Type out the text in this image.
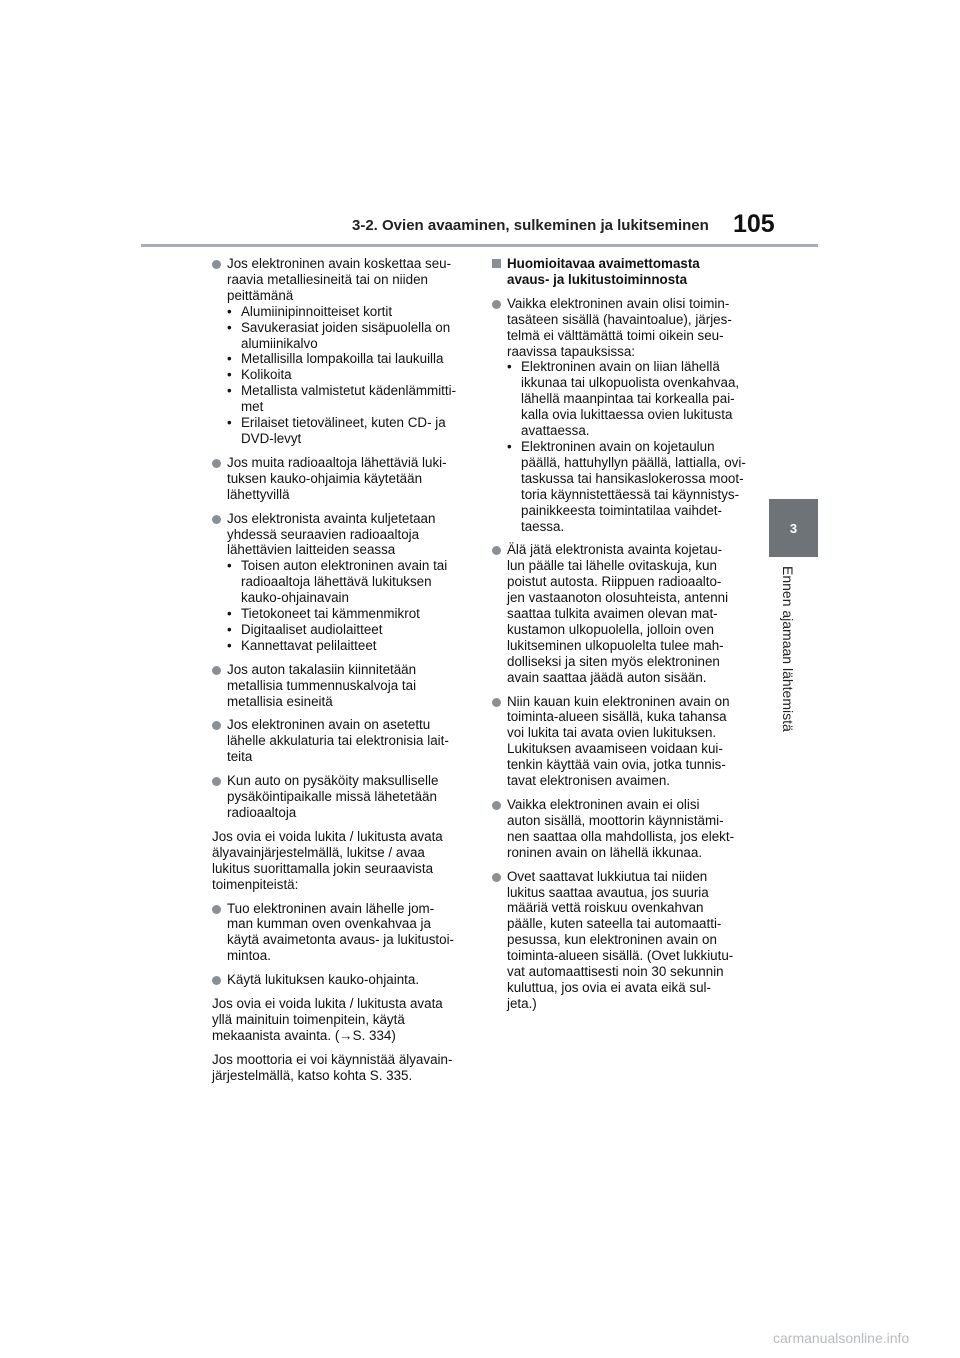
3-2. Ovien avaaminen, sulkeminen ja lukitseminen 105
3
Ennen ajamaan lähtemistä
Jos elektroninen avain koskettaa seu-
raavia metalliesineitä tai on niiden
peittämänä
• Alumiinipinnoitteiset kortit
• Savukerasiat joiden sisäpuolella on
alumiinikalvo
• Metallisilla lompakoilla tai laukuilla
• Kolikoita
• Metallista valmistetut kädenlämmitti-
met
• Erilaiset tietovälineet, kuten CD- ja
DVD-levyt
Jos muita radioaaltoja lähettäviä luki-
tuksen kauko-ohjaimia käytetään
lähettyvillä
Jos elektronista avainta kuljetetaan
yhdessä seuraavien radioaaltoja
lähettävien laitteiden seassa
• Toisen auton elektroninen avain tai
radioaaltoja lähettävä lukituksen
kauko-ohjainavain
• Tietokoneet tai kämmenmikrot
• Digitaaliset audiolaitteet
• Kannettavat pelilaitteet
Jos auton takalasiin kiinnitetään
metallisia tummennuskalvoja tai
metallisia esineitä
Jos elektroninen avain on asetettu
lähelle akkulaturia tai elektronisia lait-
teita
Kun auto on pysäköity maksulliselle
pysäköintipaikalle missä lähetetään
radioaaltoja
Jos ovia ei voida lukita / lukitusta avata
älyavainjärjestelmällä, lukitse / avaa
lukitus suorittamalla jokin seuraavista
toimenpiteistä:
Tuo elektroninen avain lähelle jom-
man kumman oven ovenkahvaa ja
käytä avaimetonta avaus- ja lukitustoi-
mintoa.
Käytä lukituksen kauko-ohjainta.
Jos ovia ei voida lukita / lukitusta avata
yllä mainituin toimenpitein, käytä
mekaanista avainta. (→S. 334)
Jos moottoria ei voi käynnistää älyavain-
järjestelmällä, katso kohta S. 335.
Huomioitavaa avaimettomasta
avaus- ja lukitustoiminnosta
Vaikka elektroninen avain olisi toimin-
tasäteen sisällä (havaintoalue), järjes-
telmä ei välttämättä toimi oikein seu-
raavissa tapauksissa:
• Elektroninen avain on liian lähellä
ikkunaa tai ulkopuolista ovenkahvaa,
lähellä maanpintaa tai korkealla pai-
kalla ovia lukittaessa ovien lukitusta
avattaessa.
• Elektroninen avain on kojetaulun
päällä, hattuhyllyn päällä, lattialla, ovi-
taskussa tai hansikaslokerossa moot-
toria käynnistettäessä tai käynnistys-
painikkeesta toimintatilaa vaihdet-
taessa.
Älä jätä elektronista avainta kojetau-
lun päälle tai lähelle ovitaskuja, kun
poistut autosta. Riippuen radioaalto-
jen vastaanoton olosuhteista, antenni
saattaa tulkita avaimen olevan mat-
kustamon ulkopuolella, jolloin oven
lukitseminen ulkopuolelta tulee mah-
dolliseksi ja siten myös elektroninen
avain saattaa jäädä auton sisään.
Niin kauan kuin elektroninen avain on
toiminta-alueen sisällä, kuka tahansa
voi lukita tai avata ovien lukituksen.
Lukituksen avaamiseen voidaan kui-
tenkin käyttää vain ovia, jotka tunnis-
tavat elektronisen avaimen.
Vaikka elektroninen avain ei olisi
auton sisällä, moottorin käynnistämi-
nen saattaa olla mahdollista, jos elekt-
roninen avain on lähellä ikkunaa.
Ovet saattavat lukkiutua tai niiden
lukitus saattaa avautua, jos suuria
määriä vettä roiskuu ovenkahvan
päälle, kuten sateella tai automaatti-
pesussa, kun elektroninen avain on
toiminta-alueen sisällä. (Ovet lukkiutu-
vat automaattisesti noin 30 sekunnin
kuluttua, jos ovia ei avata eikä sul-
jeta.)
carmanualsonline.info
